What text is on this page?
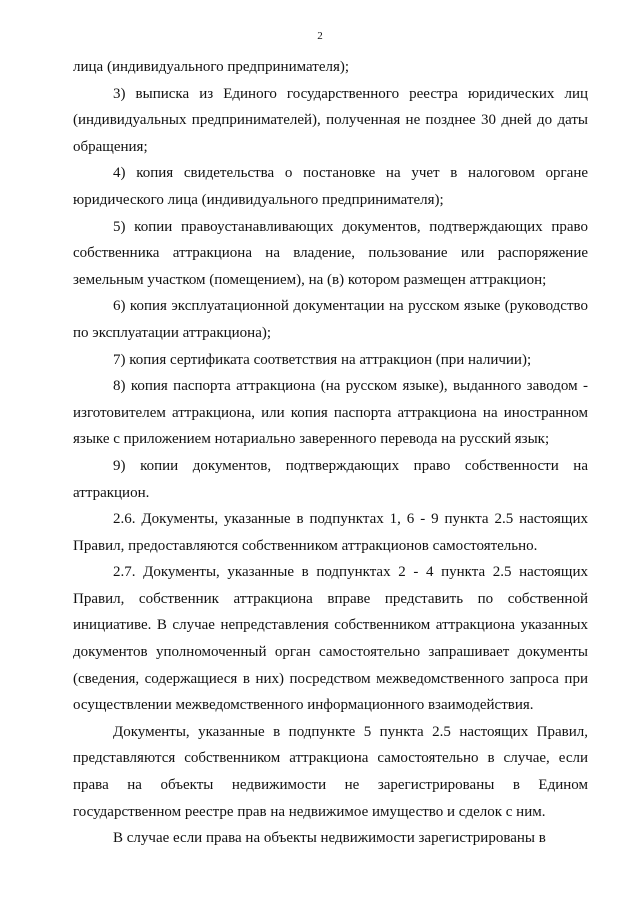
2

лица (индивидуального предпринимателя);

3) выписка из Единого государственного реестра юридических лиц (индивидуальных предпринимателей), полученная не позднее 30 дней до даты обращения;

4) копия свидетельства о постановке на учет в налоговом органе юридического лица (индивидуального предпринимателя);

5) копии правоустанавливающих документов, подтверждающих право собственника аттракциона на владение, пользование или распоряжение земельным участком (помещением), на (в) котором размещен аттракцион;

6) копия эксплуатационной документации на русском языке (руководство по эксплуатации аттракциона);

7) копия сертификата соответствия на аттракцион (при наличии);

8) копия паспорта аттракциона (на русском языке), выданного заводом - изготовителем аттракциона, или копия паспорта аттракциона на иностранном языке с приложением нотариально заверенного перевода на русский язык;

9) копии документов, подтверждающих право собственности на аттракцион.

2.6. Документы, указанные в подпунктах 1, 6 - 9 пункта 2.5 настоящих Правил, предоставляются собственником аттракционов самостоятельно.

2.7. Документы, указанные в подпунктах 2 - 4 пункта 2.5 настоящих Правил, собственник аттракциона вправе представить по собственной инициативе. В случае непредставления собственником аттракциона указанных документов уполномоченный орган самостоятельно запрашивает документы (сведения, содержащиеся в них) посредством межведомственного запроса при осуществлении межведомственного информационного взаимодействия.

Документы, указанные в подпункте 5 пункта 2.5 настоящих Правил, представляются собственником аттракциона самостоятельно в случае, если права на объекты недвижимости не зарегистрированы в Едином государственном реестре прав на недвижимое имущество и сделок с ним.

В случае если права на объекты недвижимости зарегистрированы в
